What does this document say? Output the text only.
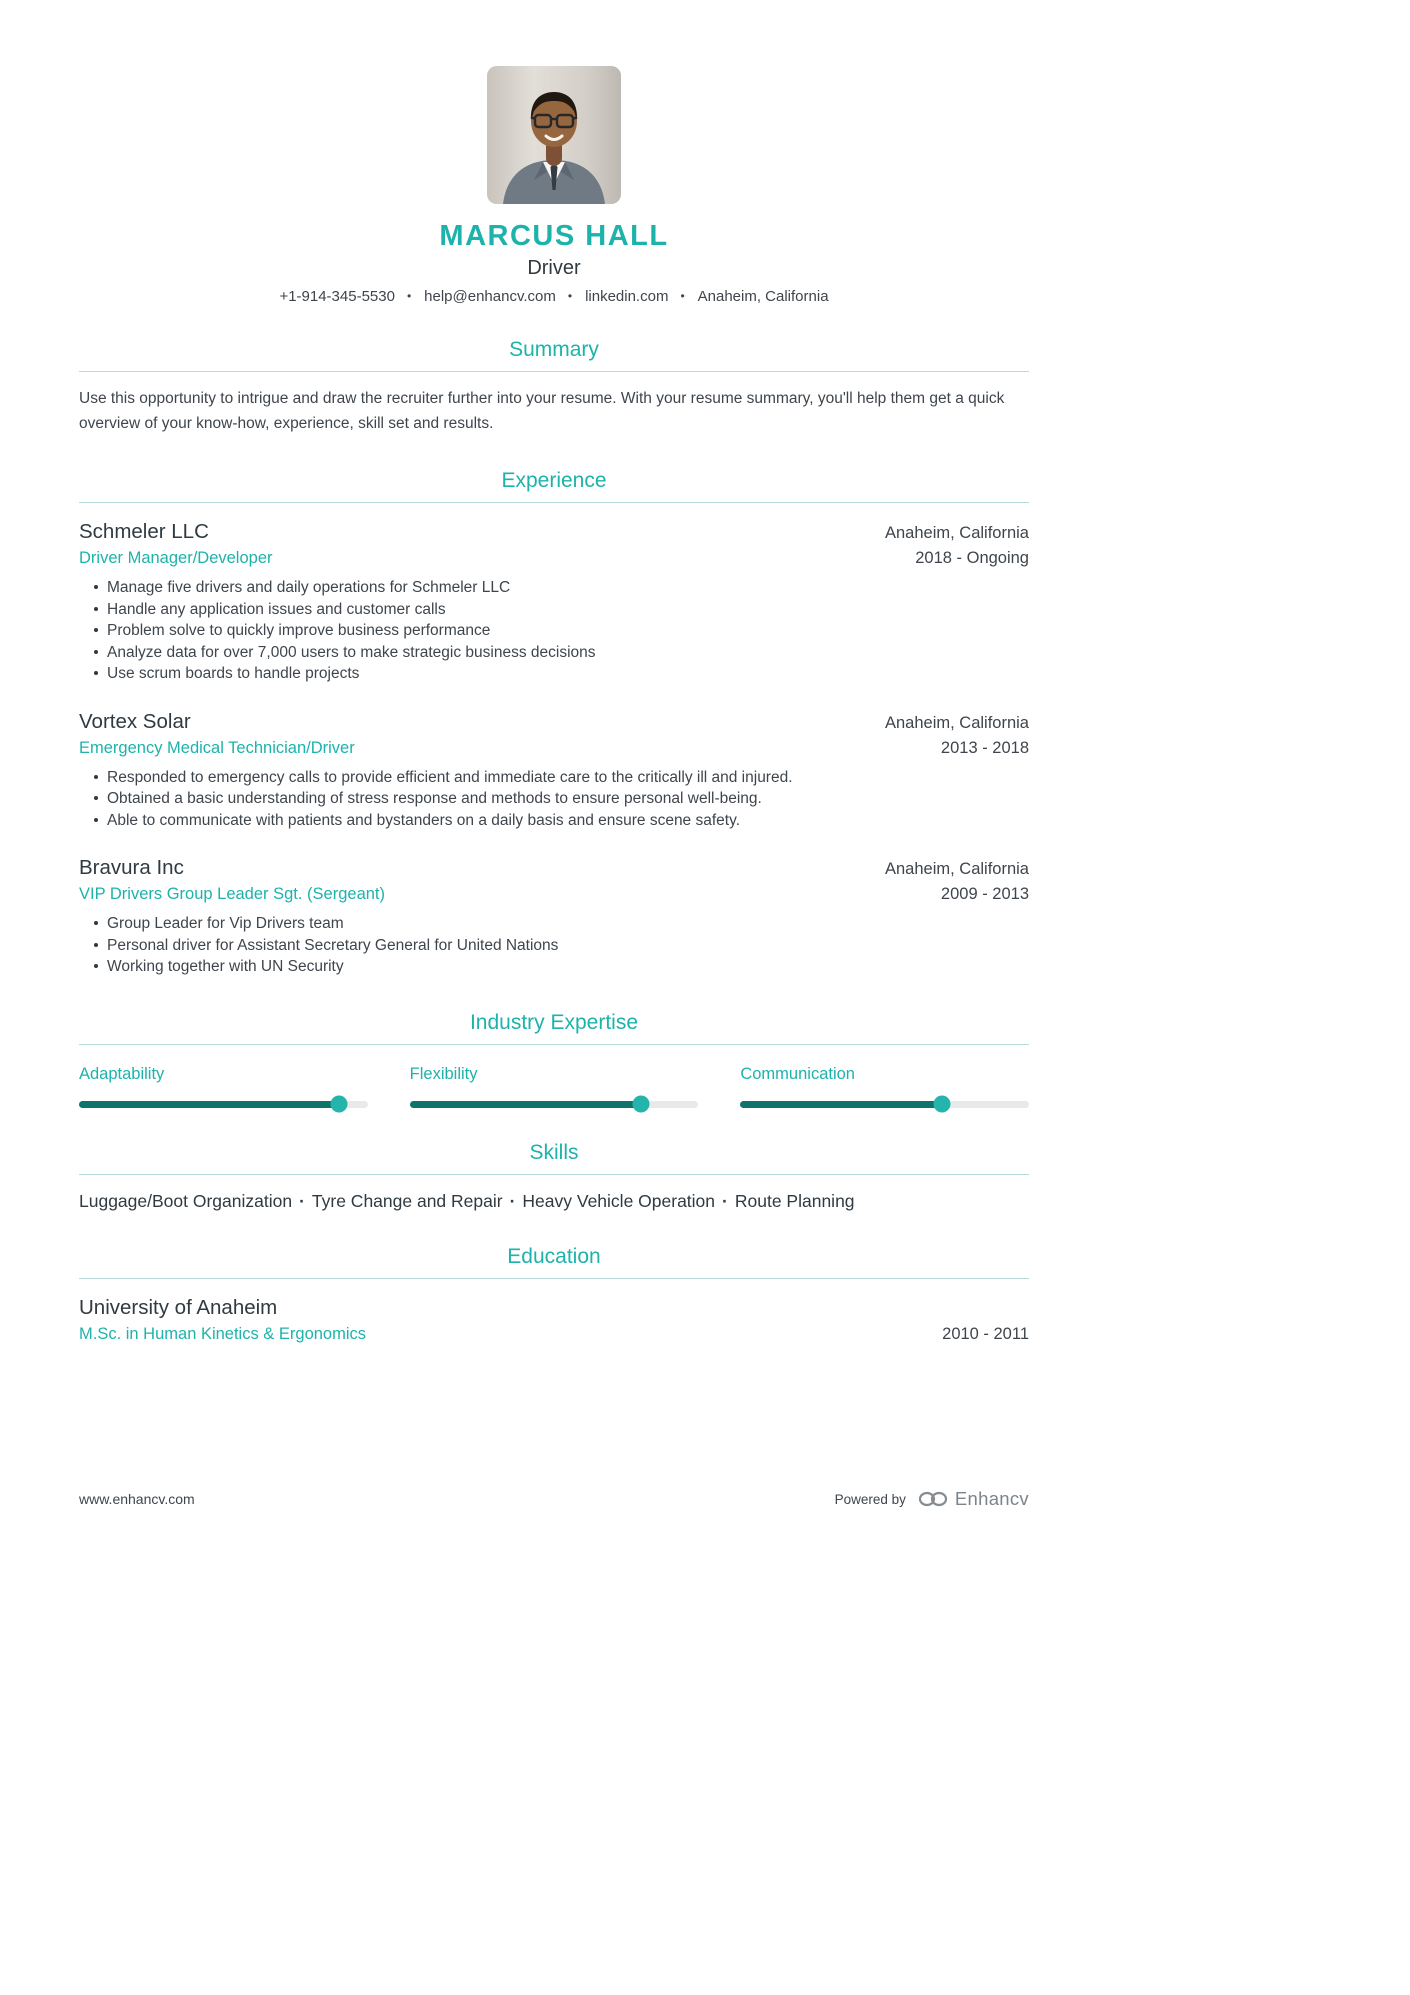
MARCUS HALL
Driver
+1-914-345-5530 • help@enhancv.com • linkedin.com • Anaheim, California
Summary

Use this opportunity to intrigue and draw the recruiter further into your resume. With your resume summary, you'll help them get a quick overview of your know-how, experience, skill set and results.

Experience
Schmeler LLC	Anaheim, California
Driver Manager/Developer	2018 - Ongoing
Manage five drivers and daily operations for Schmeler LLC
Handle any application issues and customer calls
Problem solve to quickly improve business performance
Analyze data for over 7,000 users to make strategic business decisions
Use scrum boards to handle projects
Vortex Solar	Anaheim, California
Emergency Medical Technician/Driver	2013 - 2018
Responded to emergency calls to provide efficient and immediate care to the critically ill and injured.
Obtained a basic understanding of stress response and methods to ensure personal well-being.
Able to communicate with patients and bystanders on a daily basis and ensure scene safety.
Bravura Inc	Anaheim, California
VIP Drivers Group Leader Sgt. (Sergeant)	2009 - 2013
Group Leader for Vip Drivers team
Personal driver for Assistant Secretary General for United Nations
Working together with UN Security
Industry Expertise
Adaptability	Flexibility	Communication
Skills

Luggage/Boot Organization · Tyre Change and Repair · Heavy Vehicle Operation · Route Planning

Education
University of Anaheim
M.Sc. in Human Kinetics & Ergonomics	2010 - 2011
www.enhancv.com	Powered by	Enhancv
